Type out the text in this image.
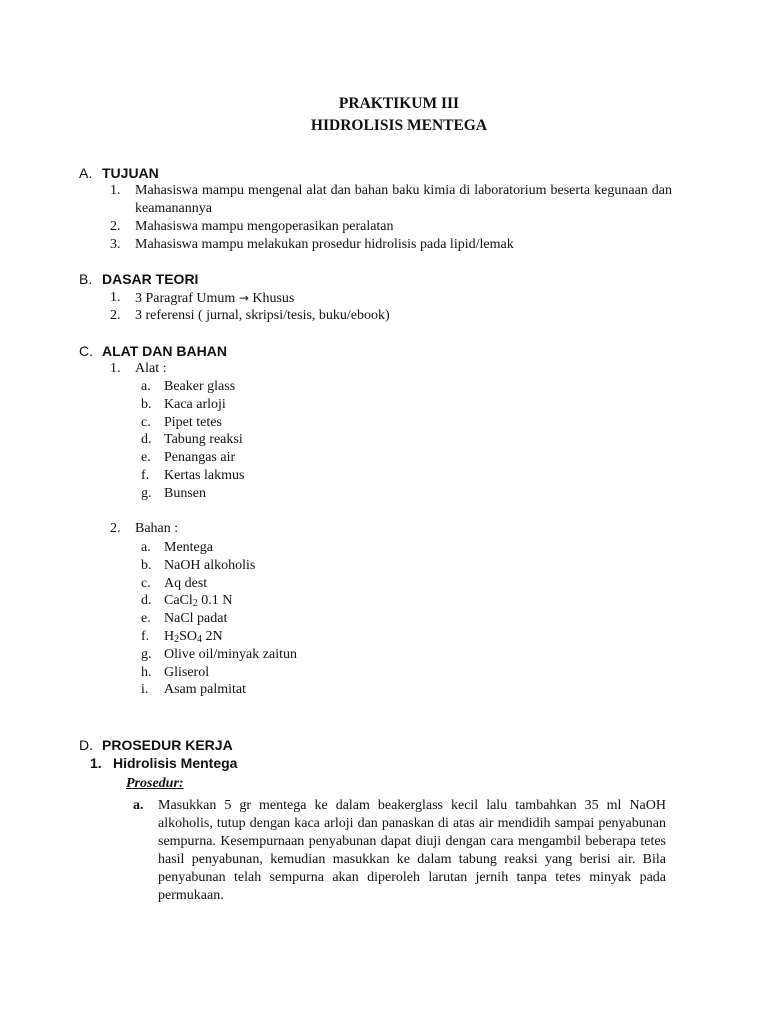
PRAKTIKUM III
HIDROLISIS MENTEGA
A. TUJUAN
1.	Mahasiswa mampu mengenal alat dan bahan baku kimia di laboratorium beserta kegunaan dan keamanannya
2.	Mahasiswa mampu mengoperasikan peralatan
3.	Mahasiswa mampu melakukan prosedur hidrolisis pada lipid/lemak
B. DASAR TEORI
1.	3 Paragraf Umum → Khusus
2.	3 referensi ( jurnal, skripsi/tesis, buku/ebook)
C. ALAT DAN BAHAN
1.	Alat :
a. Beaker glass
b. Kaca arloji
c. Pipet tetes
d. Tabung reaksi
e. Penangas air
f.	Kertas lakmus
g. Bunsen
2.	Bahan :
a. Mentega
b. NaOH alkoholis
c. Aq dest
d. CaCl$_2$ 0.1 N
e. NaCl padat
f.	$H_2SO_4$ 2N
g. Olive oil/minyak zaitun
h. Gliserol
i.	Asam palmitat
D. PROSEDUR KERJA
1. Hidrolisis Mentega
Prosedur:
a. Masukkan 5 gr mentega ke dalam beakerglass kecil lalu tambahkan 35 ml NaOH alkoholis, tutup dengan kaca arloji dan panaskan di atas air mendidih sampai penyabunan sempurna. Kesempurnaan penyabunan dapat diuji dengan cara mengambil beberapa tetes hasil penyabunan, kemudian masukkan ke dalam tabung reaksi yang berisi air. Bila penyabunan telah sempurna akan diperoleh larutan jernih tanpa tetes minyak pada permukaan.
